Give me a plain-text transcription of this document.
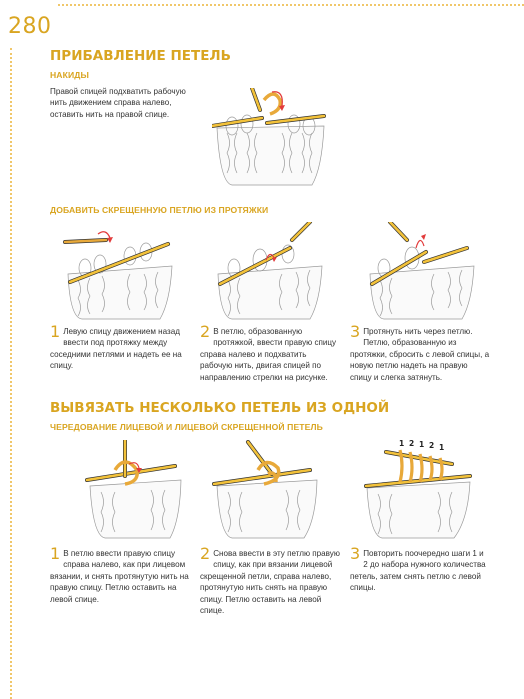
280
ПРИБАВЛЕНИЕ ПЕТЕЛЬ
НАКИДЫ
Правой спицей подхватить рабочую нить движением справа налево, оставить нить на правой спице.
ДОБАВИТЬ СКРЕЩЕННУЮ ПЕТЛЮ ИЗ ПРОТЯЖКИ
1 Левую спицу движением назад ввести под протяжку между соседними петлями и надеть ее на спицу.
2 В петлю, образованную протяжкой, ввести правую спицу справа налево и подхватить рабочую нить, двигая спицей по направлению стрелки на рисунке.
3 Протянуть нить через петлю. Петлю, образованную из протяжки, сбросить с левой спицы, а новую петлю надеть на правую спицу и слегка затянуть.
ВЫВЯЗАТЬ НЕСКОЛЬКО ПЕТЕЛЬ ИЗ ОДНОЙ
ЧЕРЕДОВАНИЕ ЛИЦЕВОЙ И ЛИЦЕВОЙ СКРЕЩЕННОЙ ПЕТЕЛЬ
1 2 1 2 1
1 В петлю ввести правую спицу справа налево, как при лицевом вязании, и снять протянутую нить на правую спицу. Петлю оставить на левой спице.
2 Снова ввести в эту петлю правую спицу, как при вязании лицевой скрещенной петли, справа налево, протянутую нить снять на правую спицу. Петлю оставить на левой спице.
3 Повторить поочередно шаги 1 и 2 до набора нужного количества петель, затем снять петлю с левой спицы.
